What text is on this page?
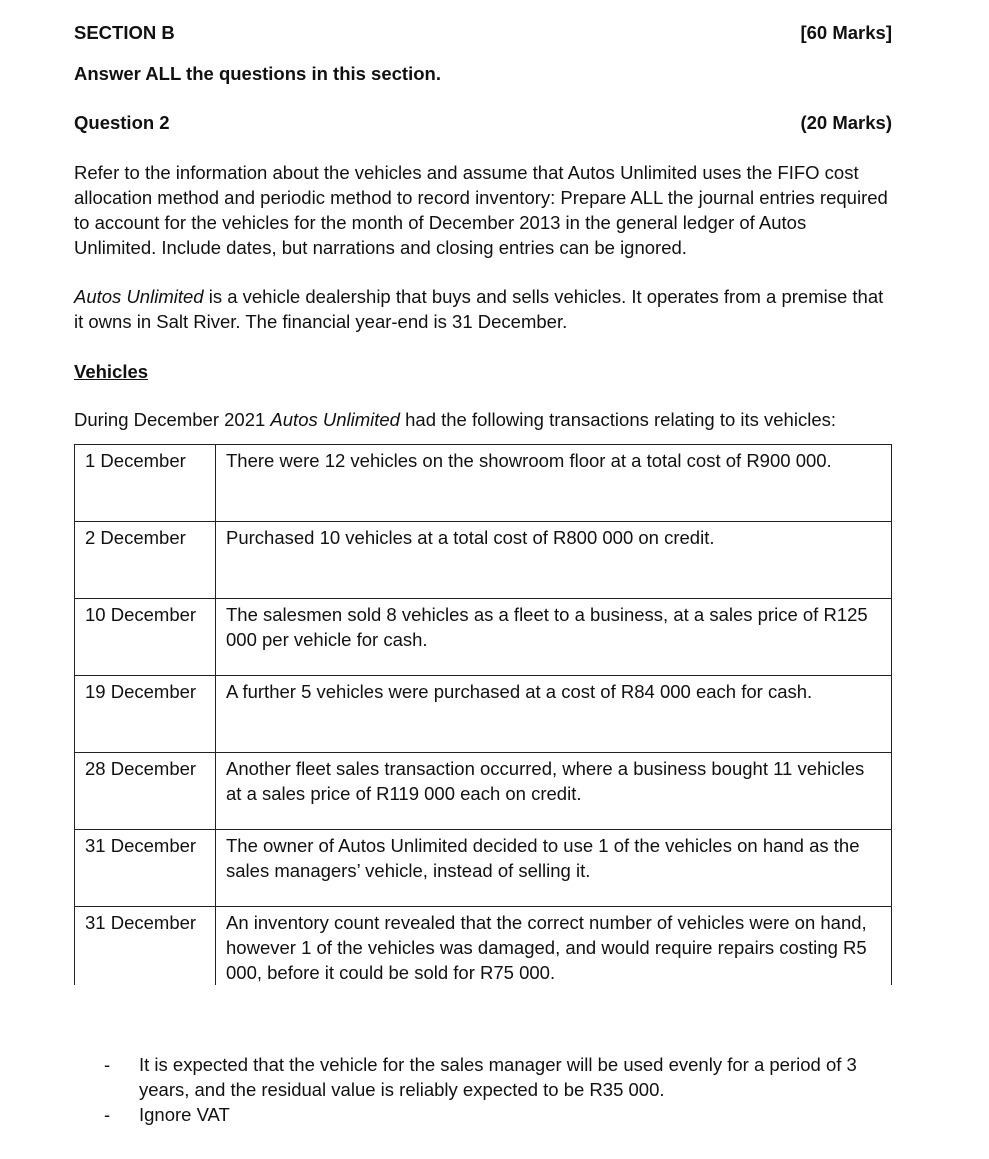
SECTION B	[60 Marks]
Answer ALL the questions in this section.
Question 2	(20 Marks)
Refer to the information about the vehicles and assume that Autos Unlimited uses the FIFO cost allocation method and periodic method to record inventory: Prepare ALL the journal entries required to account for the vehicles for the month of December 2013 in the general ledger of Autos Unlimited. Include dates, but narrations and closing entries can be ignored.
Autos Unlimited is a vehicle dealership that buys and sells vehicles. It operates from a premise that it owns in Salt River. The financial year-end is 31 December.
Vehicles
During December 2021 Autos Unlimited had the following transactions relating to its vehicles:
1 December	There were 12 vehicles on the showroom floor at a total cost of R900 000.
2 December	Purchased 10 vehicles at a total cost of R800 000 on credit.
10 December	The salesmen sold 8 vehicles as a fleet to a business, at a sales price of R125 000 per vehicle for cash.
19 December	A further 5 vehicles were purchased at a cost of R84 000 each for cash.
28 December	Another fleet sales transaction occurred, where a business bought 11 vehicles at a sales price of R119 000 each on credit.
31 December	The owner of Autos Unlimited decided to use 1 of the vehicles on hand as the sales managers’ vehicle, instead of selling it.
31 December	An inventory count revealed that the correct number of vehicles were on hand, however 1 of the vehicles was damaged, and would require repairs costing R5 000, before it could be sold for R75 000.
-	It is expected that the vehicle for the sales manager will be used evenly for a period of 3 years, and the residual value is reliably expected to be R35 000.
-	Ignore VAT
